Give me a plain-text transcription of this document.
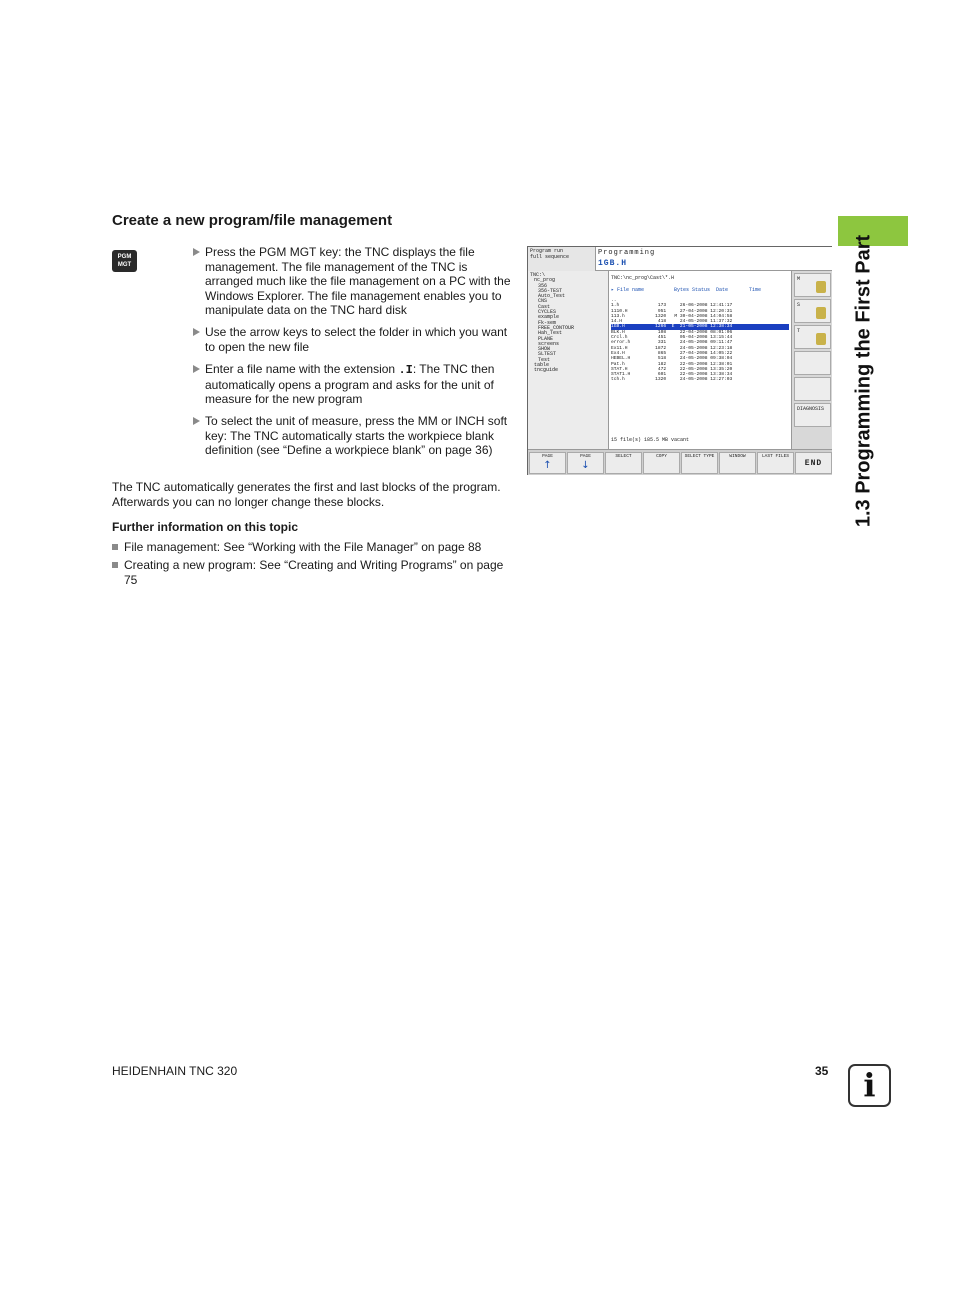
Create a new program/file management
PGM
MGT
Press the PGM MGT key: the TNC displays the file management. The file management of the TNC is arranged much like the file management on a PC with the Windows Explorer. The file management enables you to manipulate data on the TNC hard disk
Use the arrow keys to select the folder in which you want to open the new file
Enter a file name with the extension .I: The TNC then automatically opens a program and asks for the unit of measure for the new program
To select the unit of measure, press the MM or INCH soft key: The TNC automatically starts the workpiece blank definition (see “Define a workpiece blank” on page 36)
The TNC automatically generates the first and last blocks of the program. Afterwards you can no longer change these blocks.
Further information on this topic
File management: See “Working with the File Manager” on page 88
Creating a new program: See “Creating and Writing Programs” on page 75
Program run
full sequence	Programming
1GB.H
TNC:\
nc_prog
356
356-TEST
Auto_Test
CNS
Cast
CYCLES
example
Fk-sem
FREE_CONTOUR
Hah_Test
PLANE
screens
SHOW
SLTEST
Test
table
tncguide
TNC:\nc_prog\Cast\*.H
▸ File name          Bytes Status  Date       Time
..
1.h              173     26-06-2008 12:41:17
1110.H           951     27-04-2008 12:20:31
113.h           1320   M 30-04-2008 14:04:58
14.H             418     24-05-2008 11:37:32
1GB.H           1266  E  21-05-2008 12:38:34
BLK.H            108     22-04-2008 08:01:06
Crcl.h           451     05-04-2008 13:15:44
error.h          331     24-05-2008 09:11:47
Ex11.H          1872     24-05-2008 12:23:18
Ex4.H            865     27-04-2008 14:05:22
HEBEL.H          518     24-05-2008 09:38:04
Pat.h            182     22-05-2008 12:38:01
STAT.H           472     22-05-2008 13:35:20
STAT1.H          601     22-05-2008 13:38:34
tch.h           1320     24-05-2008 12:27:03
15 file(s) 185.5 MB vacant
M
S
T
DIAGNOSIS
PAGE
↑
PAGE
↓
SELECT	COPY	SELECT TYPE	WINDOW	LAST FILES
END	1.3 Programming the First Part
HEIDENHAIN TNC 320	35	i
